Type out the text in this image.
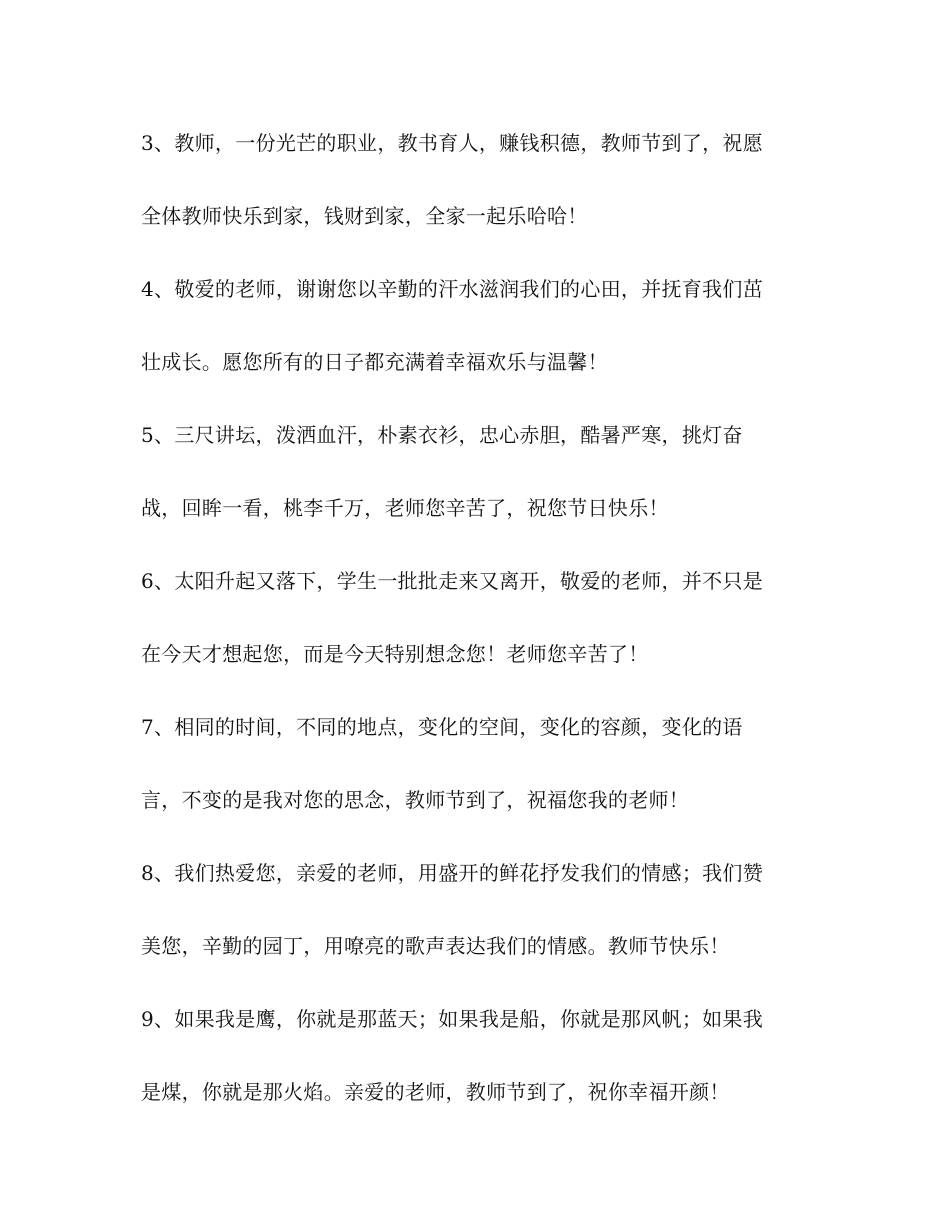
3、教师，一份光芒的职业，教书育人，赚钱积德，教师节到了，祝愿
全体教师快乐到家，钱财到家，全家一起乐哈哈！
4、敬爱的老师，谢谢您以辛勤的汗水滋润我们的心田，并抚育我们茁
壮成长。愿您所有的日子都充满着幸福欢乐与温馨！
5、三尺讲坛，泼洒血汗，朴素衣衫，忠心赤胆，酷暑严寒，挑灯奋
战，回眸一看，桃李千万，老师您辛苦了，祝您节日快乐！
6、太阳升起又落下，学生一批批走来又离开，敬爱的老师，并不只是
在今天才想起您，而是今天特别想念您！老师您辛苦了！
7、相同的时间，不同的地点，变化的空间，变化的容颜，变化的语
言，不变的是我对您的思念，教师节到了，祝福您我的老师！
8、我们热爱您，亲爱的老师，用盛开的鲜花抒发我们的情感；我们赞
美您，辛勤的园丁，用嘹亮的歌声表达我们的情感。教师节快乐！
9、如果我是鹰，你就是那蓝天；如果我是船，你就是那风帆；如果我
是煤，你就是那火焰。亲爱的老师，教师节到了，祝你幸福开颜！
